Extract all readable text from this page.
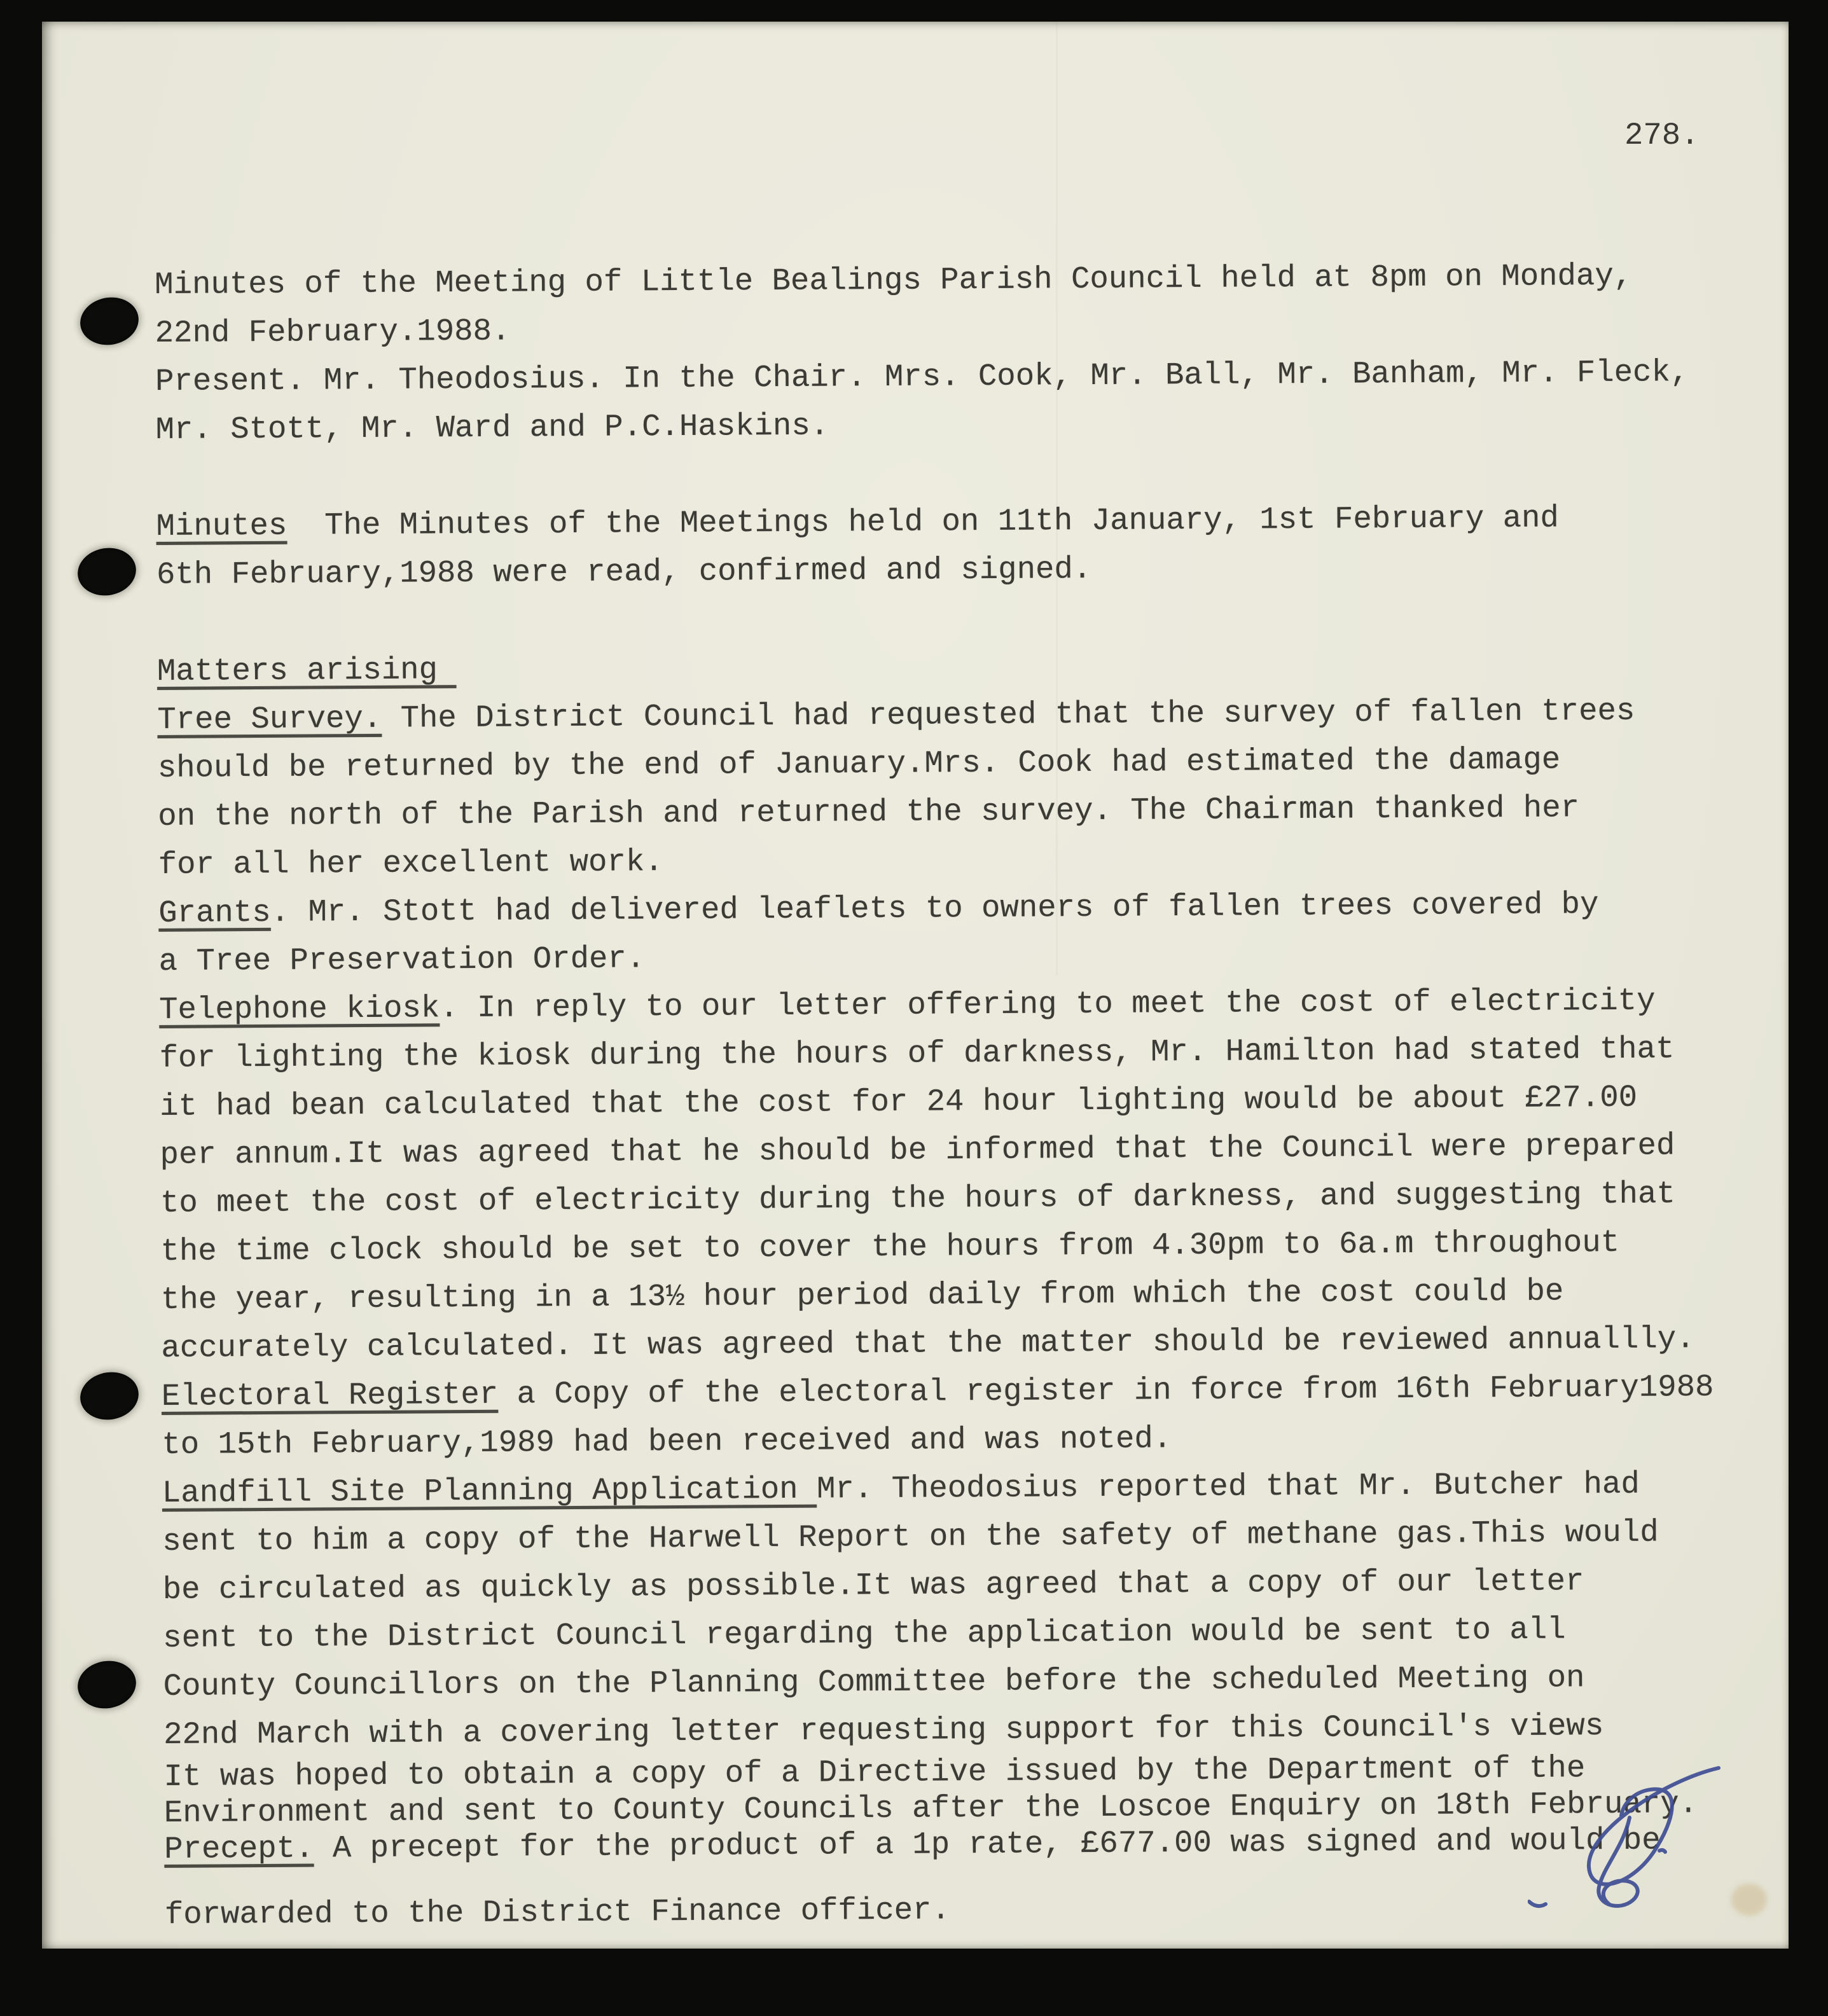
278.
Minutes of the Meeting of Little Bealings Parish Council held at 8pm on Monday,
22nd February.1988.
Present. Mr. Theodosius. In the Chair. Mrs. Cook, Mr. Ball, Mr. Banham, Mr. Fleck,
Mr. Stott, Mr. Ward and P.C.Haskins.

Minutes  The Minutes of the Meetings held on 11th January, 1st February and
6th February,1988 were read, confirmed and signed.

Matters arising
Tree Survey. The District Council had requested that the survey of fallen trees
should be returned by the end of January.Mrs. Cook had estimated the damage
on the north of the Parish and returned the survey. The Chairman thanked her
for all her excellent work.
Grants. Mr. Stott had delivered leaflets to owners of fallen trees covered by
a Tree Preservation Order.
Telephone kiosk. In reply to our letter offering to meet the cost of electricity
for lighting the kiosk during the hours of darkness, Mr. Hamilton had stated that
it had bean calculated that the cost for 24 hour lighting would be about £27.00
per annum.It was agreed that he should be informed that the Council were prepared
to meet the cost of electricity during the hours of darkness, and suggesting that
the time clock should be set to cover the hours from 4.30pm to 6a.m throughout
the year, resulting in a 13½ hour period daily from which the cost could be
accurately calculated. It was agreed that the matter should be reviewed annuallly.
Electoral Register a Copy of the electoral register in force from 16th February1988
to 15th February,1989 had been received and was noted.
Landfill Site Planning Application Mr. Theodosius reported that Mr. Butcher had
sent to him a copy of the Harwell Report on the safety of methane gas.This would
be circulated as quickly as possible.It was agreed that a copy of our letter
sent to the District Council regarding the application would be sent to all
County Councillors on the Planning Committee before the scheduled Meeting on
22nd March with a covering letter requesting support for this Council's views
It was hoped to obtain a copy of a Directive issued by the Department of the
Environment and sent to County Councils after the Loscoe Enquiry on 18th February.
Precept. A precept for the product of a 1p rate, £677.00 was signed and would be
forwarded to the District Finance officer.
